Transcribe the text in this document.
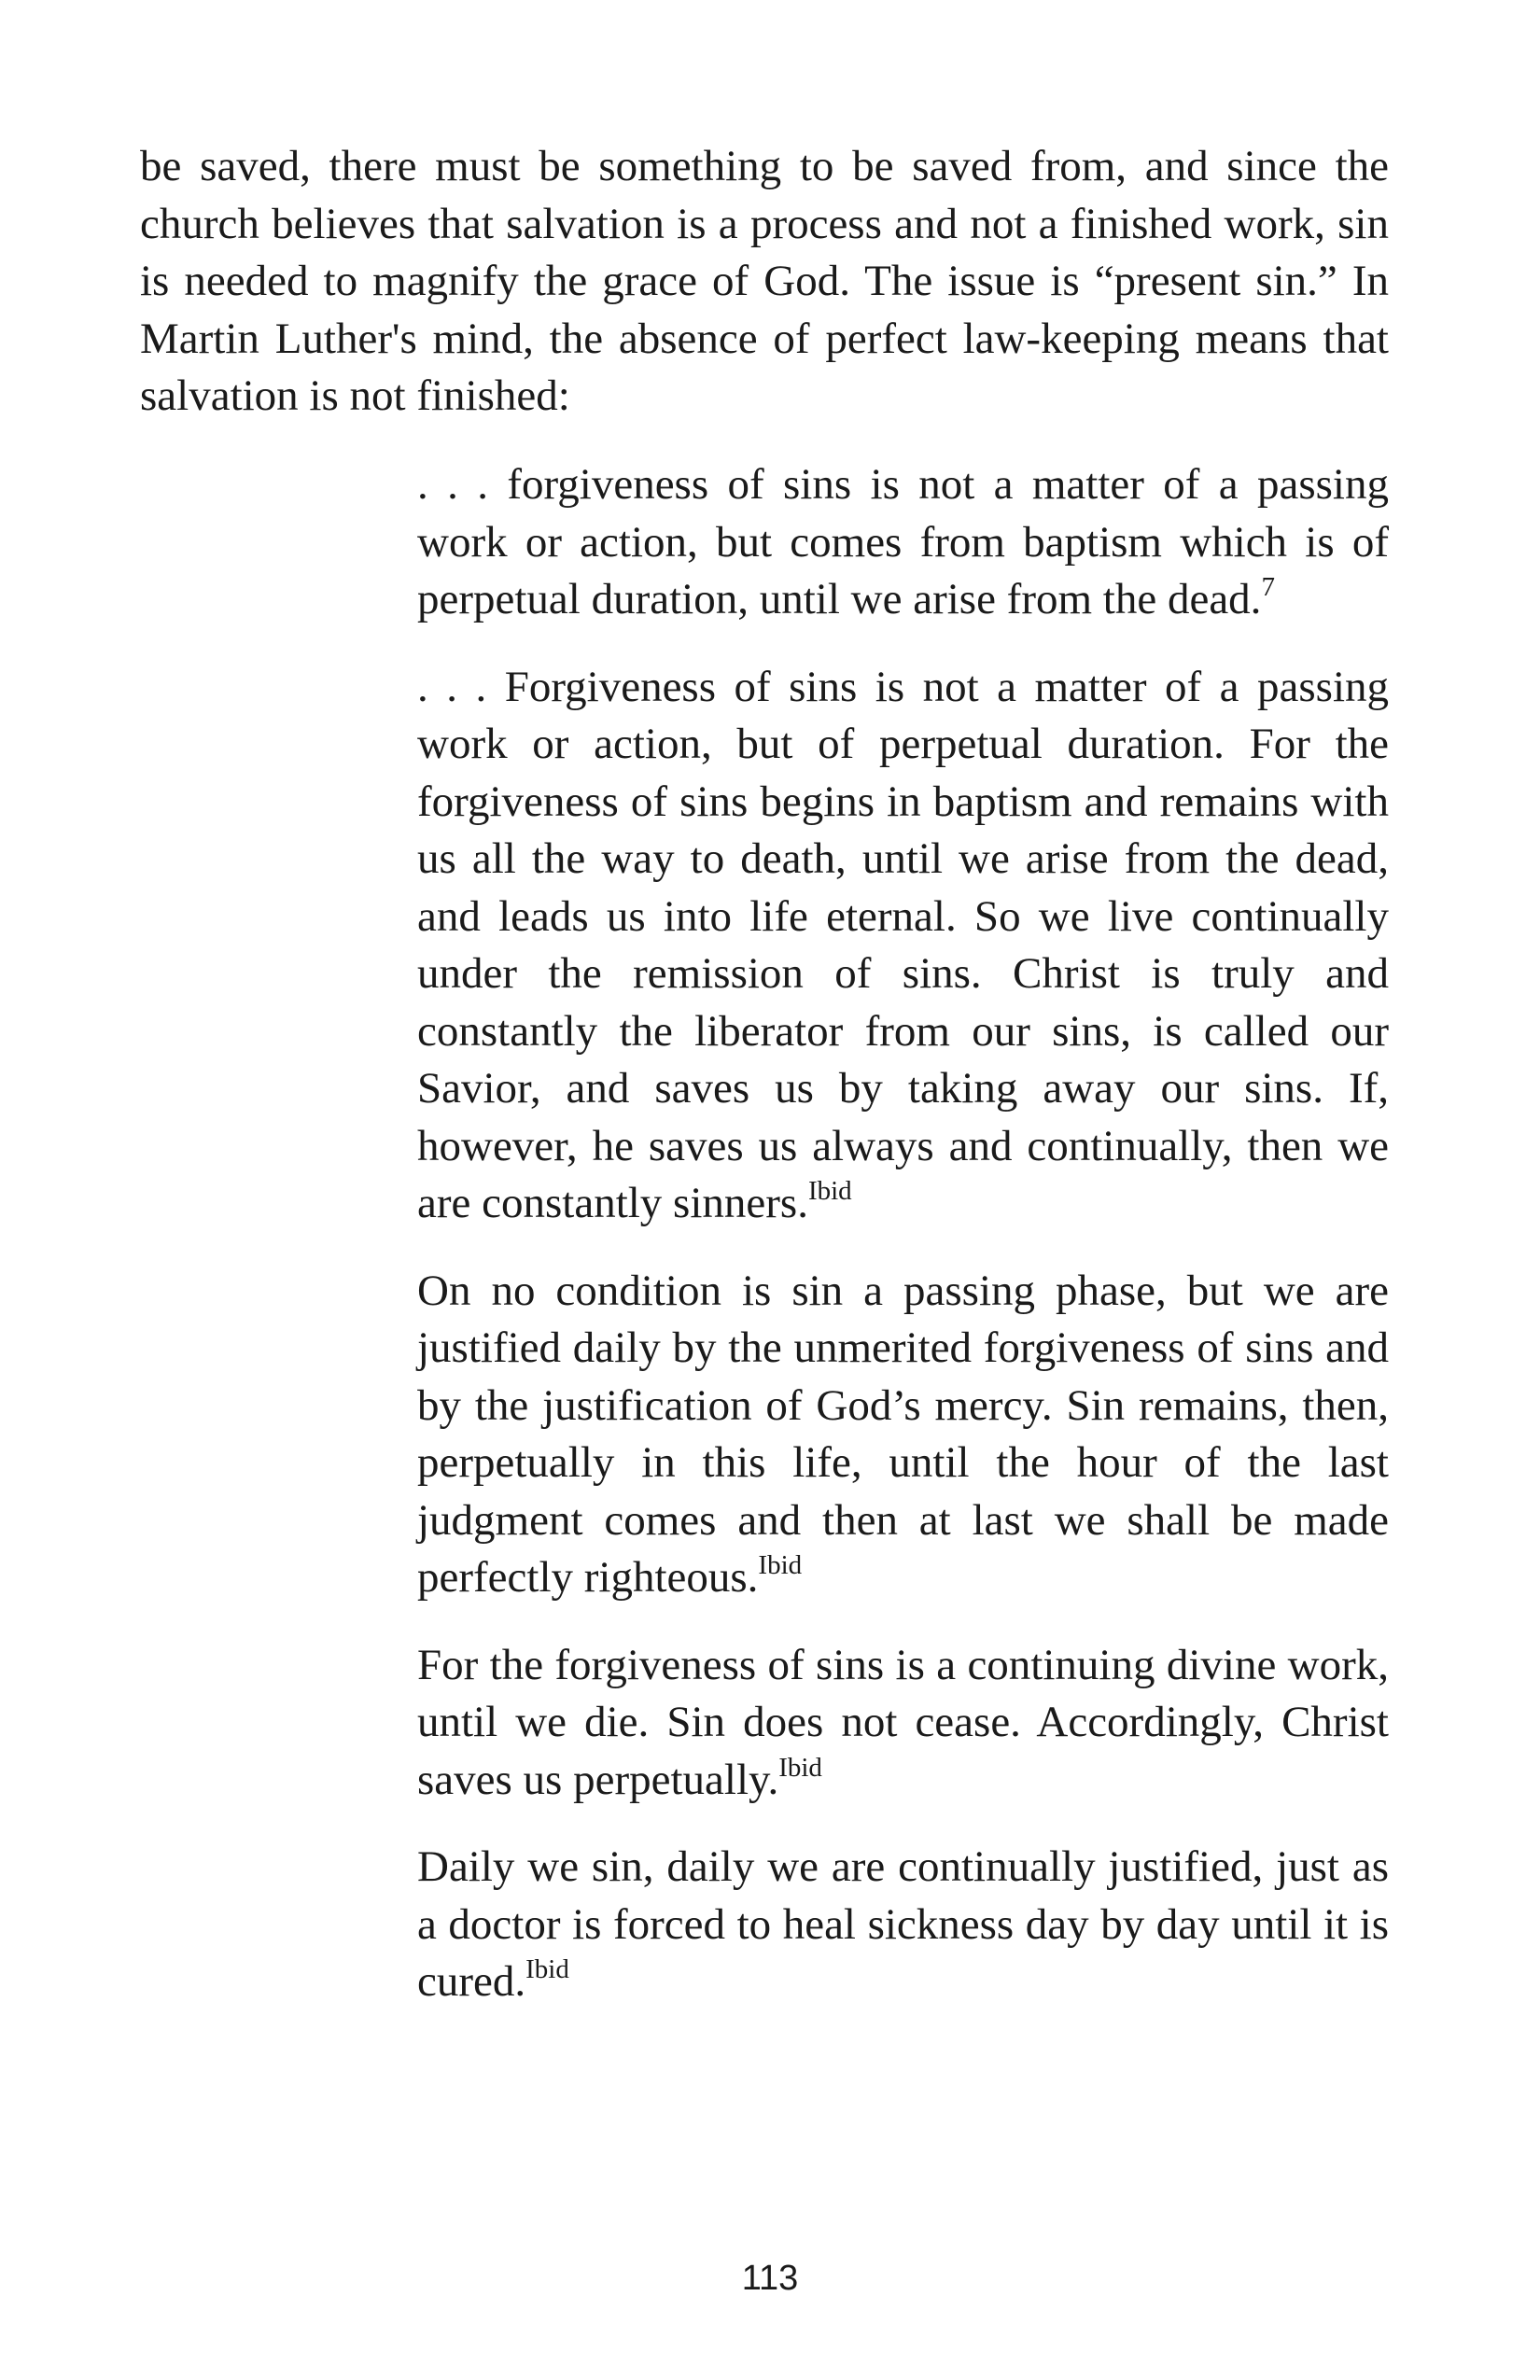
be saved, there must be something to be saved from, and since the church believes that salvation is a process and not a finished work, sin is needed to magnify the grace of God. The issue is “present sin.” In Martin Luther's mind, the absence of perfect law-keeping means that salvation is not finished:

. . . forgiveness of sins is not a matter of a passing work or action, but comes from baptism which is of perpetual duration, until we arise from the dead.$^7$

. . . Forgiveness of sins is not a matter of a passing work or action, but of perpetual duration. For the forgiveness of sins begins in baptism and remains with us all the way to death, until we arise from the dead, and leads us into life eternal. So we live continually under the remission of sins. Christ is truly and constantly the liberator from our sins, is called our Savior, and saves us by taking away our sins. If, however, he saves us always and continually, then we are constantly sinners.$^{Ibid}$

On no condition is sin a passing phase, but we are justified daily by the unmerited forgiveness of sins and by the justification of God’s mercy. Sin remains, then, perpetually in this life, until the hour of the last judgment comes and then at last we shall be made perfectly righteous.$^{Ibid}$

For the forgiveness of sins is a continuing divine work, until we die. Sin does not cease. Accordingly, Christ saves us perpetually.$^{Ibid}$

Daily we sin, daily we are continually justified, just as a doctor is forced to heal sickness day by day until it is cured.$^{Ibid}$

113
